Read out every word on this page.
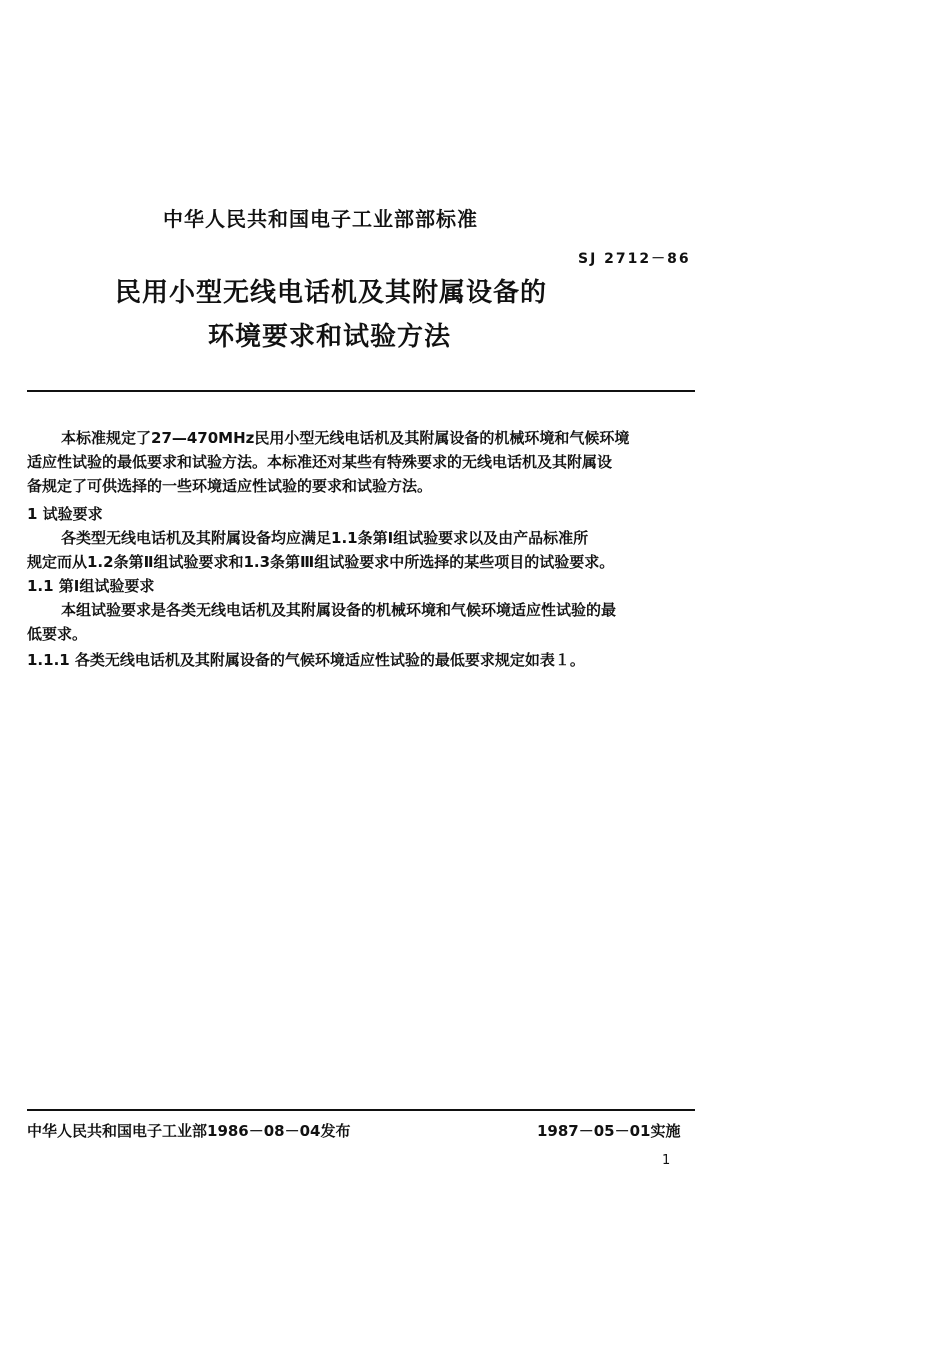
中华人民共和国电子工业部部标准
SJ 2712－86
民用小型无线电话机及其附属设备的
环境要求和试验方法
本标准规定了27—470MHz民用小型无线电话机及其附属设备的机械环境和气候环境
适应性试验的最低要求和试验方法。本标准还对某些有特殊要求的无线电话机及其附属设
备规定了可供选择的一些环境适应性试验的要求和试验方法。
1 试验要求
各类型无线电话机及其附属设备均应满足1.1条第Ⅰ组试验要求以及由产品标准所
规定而从1.2条第Ⅱ组试验要求和1.3条第Ⅲ组试验要求中所选择的某些项目的试验要求。
1.1 第Ⅰ组试验要求
本组试验要求是各类无线电话机及其附属设备的机械环境和气候环境适应性试验的最
低要求。
1.1.1 各类无线电话机及其附属设备的气候环境适应性试验的最低要求规定如表１。
中华人民共和国电子工业部1986－08－04发布	1987－05－01实施
1
